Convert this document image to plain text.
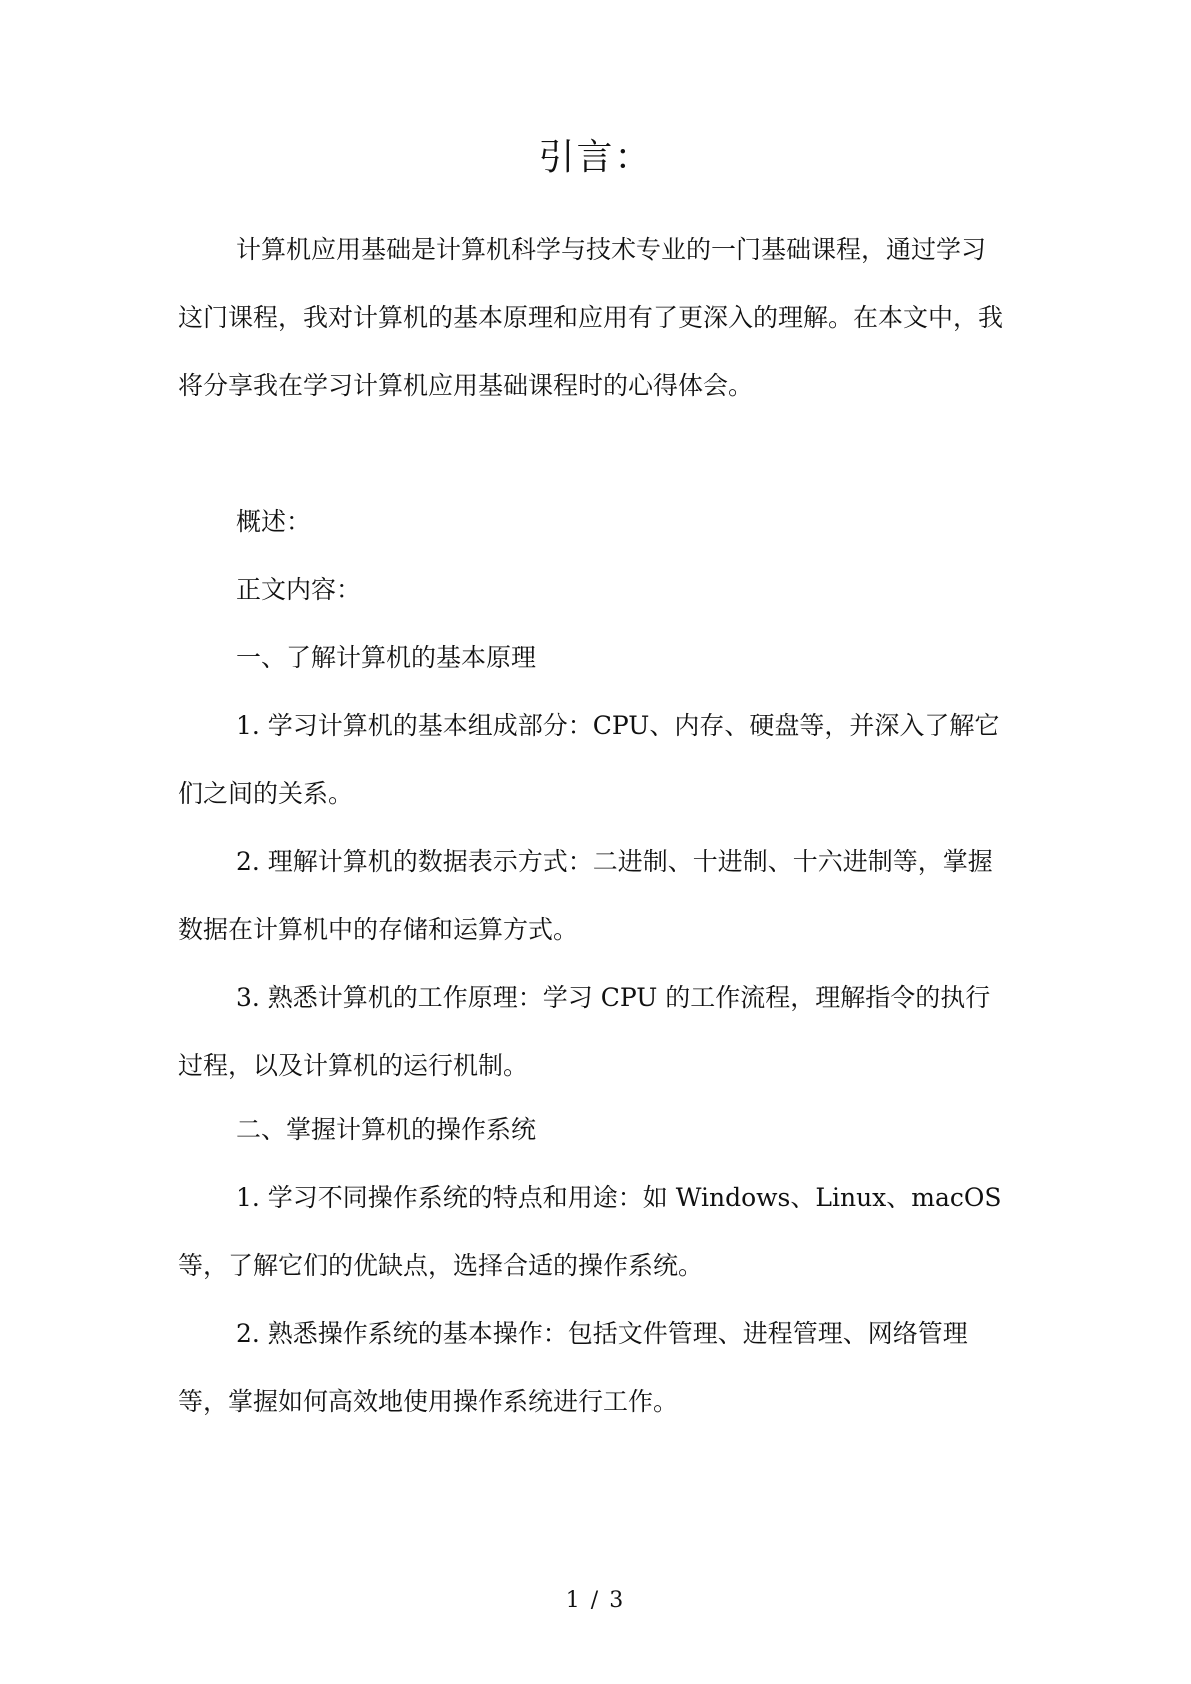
引言：

计算机应用基础是计算机科学与技术专业的一门基础课程，通过学习这门课程，我对计算机的基本原理和应用有了更深入的理解。在本文中，我将分享我在学习计算机应用基础课程时的心得体会。

概述：

正文内容：

一、了解计算机的基本原理

1. 学习计算机的基本组成部分：CPU、内存、硬盘等，并深入了解它们之间的关系。

2. 理解计算机的数据表示方式：二进制、十进制、十六进制等，掌握数据在计算机中的存储和运算方式。

3. 熟悉计算机的工作原理：学习 CPU 的工作流程，理解指令的执行过程，以及计算机的运行机制。

二、掌握计算机的操作系统

1. 学习不同操作系统的特点和用途：如 Windows、Linux、macOS 等，了解它们的优缺点，选择合适的操作系统。

2. 熟悉操作系统的基本操作：包括文件管理、进程管理、网络管理等，掌握如何高效地使用操作系统进行工作。

1 / 3
